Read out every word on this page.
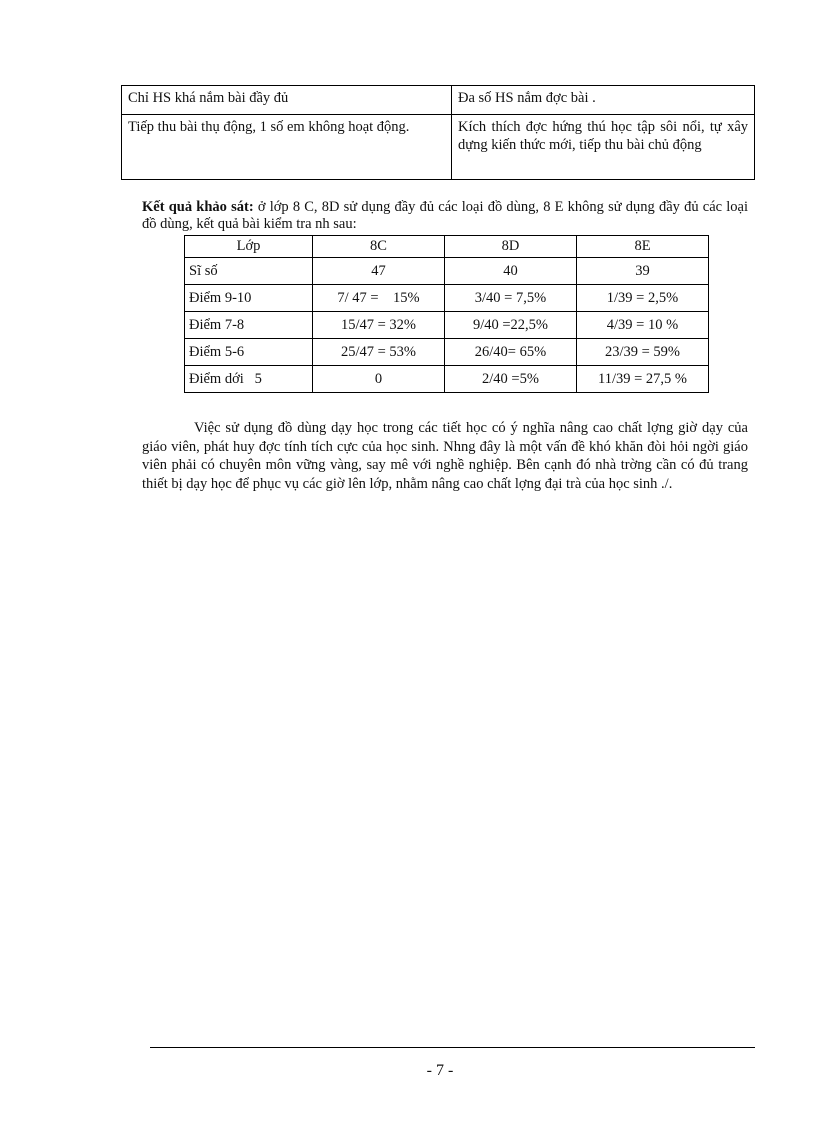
Chỉ HS khá nắm bài đầy đủ	Đa số HS nắm đợc bài .
Tiếp thu bài thụ động, 1 số em không hoạt động.	Kích thích đợc hứng thú học tập sôi nổi, tự xây dựng kiến thức mới, tiếp thu bài chủ động

Kết quả khảo sát: ở lớp 8 C, 8D sử dụng đầy đủ các loại đồ dùng, 8 E không sử dụng đầy đủ các loại đồ dùng, kết quả bài kiểm tra nh sau:

Lớp	8C	8D	8E
Sĩ số	47	40	39
Điểm 9-10	7/ 47 =    15%	3/40 = 7,5%	1/39 = 2,5%
Điểm 7-8	15/47 = 32%	9/40 =22,5%	4/39 = 10 %
Điểm 5-6	25/47 = 53%	26/40= 65%	23/39 = 59%
Điểm dới   5	0	2/40 =5%	11/39 = 27,5 %

Việc sử dụng đồ dùng dạy học trong các tiết học có ý nghĩa nâng cao chất lợng giờ dạy của giáo viên, phát huy đợc tính tích cực của học sinh. Nhng đây là một vấn đề khó khăn đòi hỏi ngời giáo viên phải có chuyên môn vững vàng, say mê với nghề nghiệp. Bên cạnh đó nhà trờng cần có đủ trang thiết bị dạy học để phục vụ các giờ lên lớp, nhằm nâng cao chất lợng đại trà của học sinh ./.

- 7 -
